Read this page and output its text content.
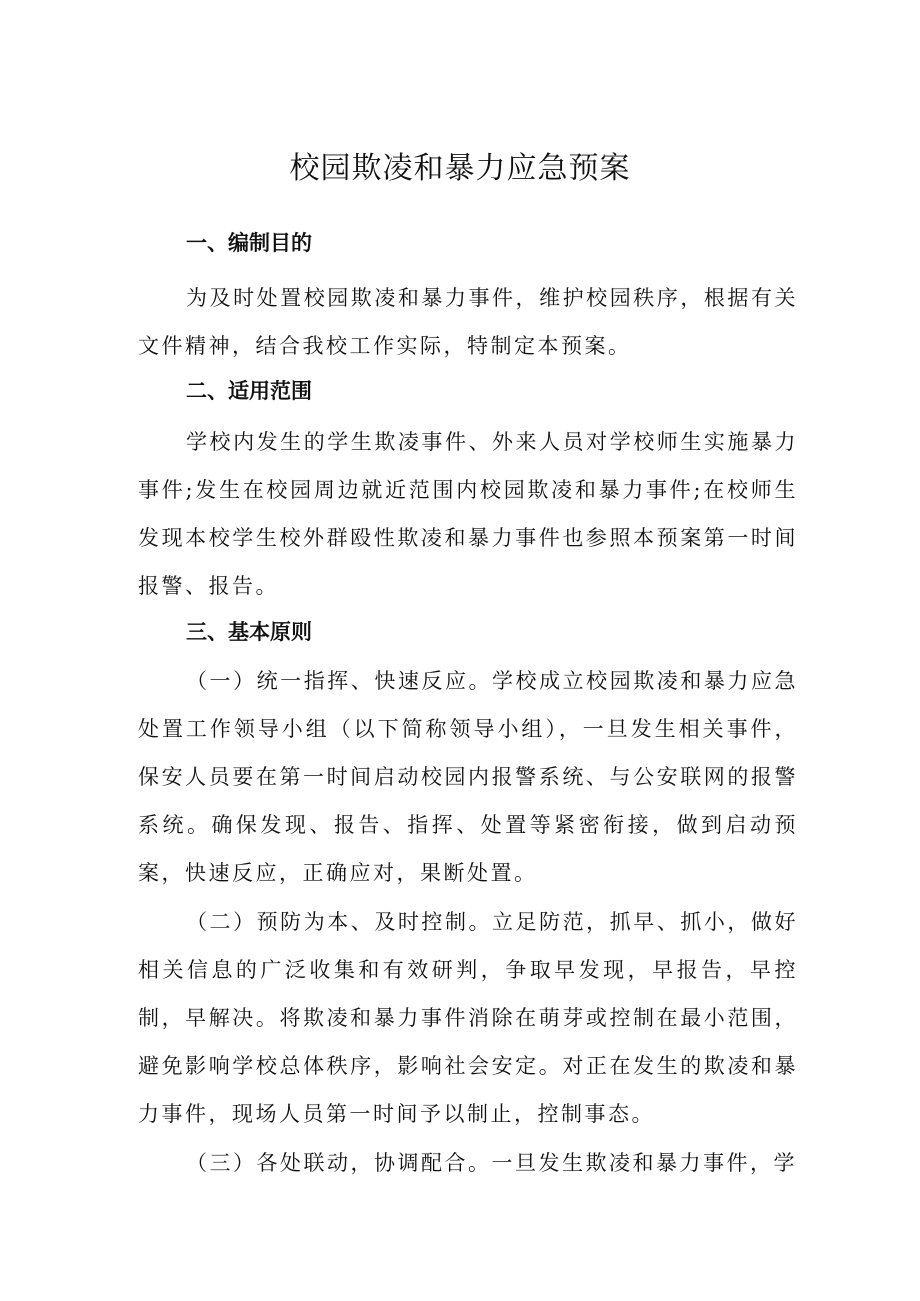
校园欺凌和暴力应急预案
一、编制目的

为及时处置校园欺凌和暴力事件，维护校园秩序，根据有关文件精神，结合我校工作实际，特制定本预案。

二、适用范围

学校内发生的学生欺凌事件、外来人员对学校师生实施暴力事件;发生在校园周边就近范围内校园欺凌和暴力事件;在校师生发现本校学生校外群殴性欺凌和暴力事件也参照本预案第一时间报警、报告。

三、基本原则

（一）统一指挥、快速反应。学校成立校园欺凌和暴力应急处置工作领导小组（以下简称领导小组），一旦发生相关事件，保安人员要在第一时间启动校园内报警系统、与公安联网的报警系统。确保发现、报告、指挥、处置等紧密衔接，做到启动预案，快速反应，正确应对，果断处置。

（二）预防为本、及时控制。立足防范，抓早、抓小，做好相关信息的广泛收集和有效研判，争取早发现，早报告，早控制，早解决。将欺凌和暴力事件消除在萌芽或控制在最小范围，避免影响学校总体秩序，影响社会安定。对正在发生的欺凌和暴力事件，现场人员第一时间予以制止，控制事态。

（三）各处联动，协调配合。一旦发生欺凌和暴力事件，学
